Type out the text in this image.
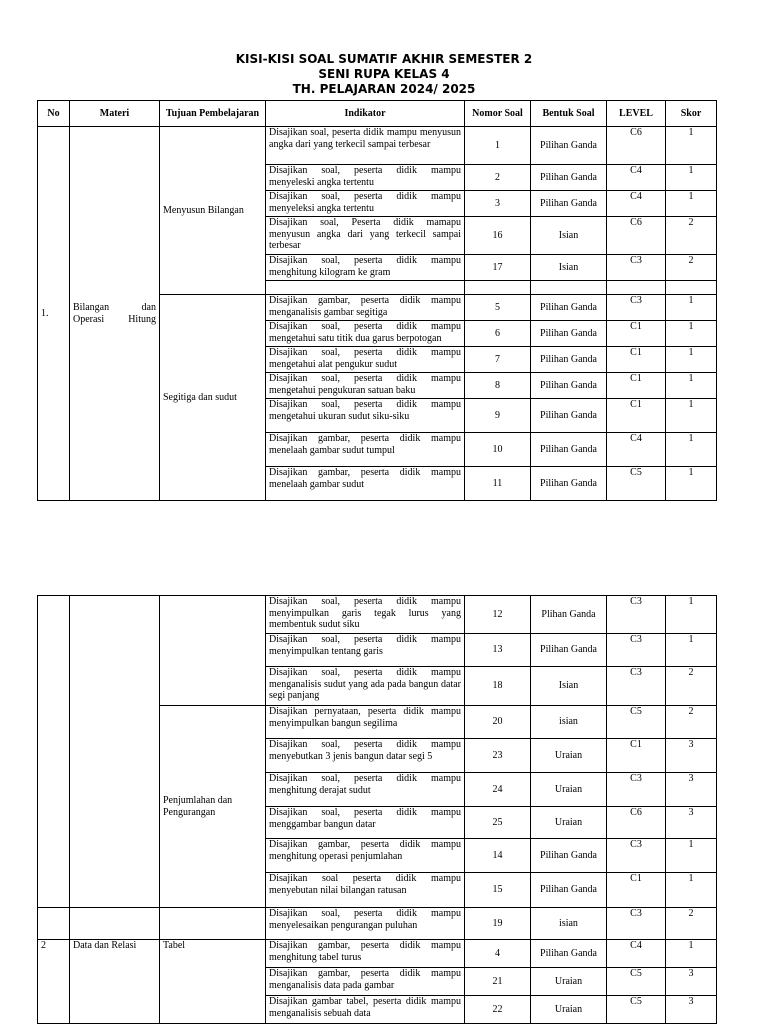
KISI-KISI SOAL SUMATIF AKHIR SEMESTER 2
SENI RUPA KELAS 4
TH. PELAJARAN 2024/ 2025
No	Materi	Tujuan Pembelajaran	Indikator	Nomor Soal	Bentuk Soal	LEVEL	Skor
1.	Bilangan dan Operasi Hitung	Menyusun Bilangan	Disajikan soal, peserta didik mampu menyusun angka dari yang terkecil sampai terbesar	1	Pilihan Ganda	C6	1
			Disajikan soal, peserta didik mampu menyeleski angka tertentu	2	Pilihan Ganda	C4	1
			Disajikan soal, peserta didik mampu menyeleksi angka tertentu	3	Pilihan Ganda	C4	1
			Disajikan soal, Peserta didik mamapu menyusun angka dari yang terkecil sampai terbesar	16	Isian	C6	2
			Disajikan soal, peserta didik mampu menghitung kilogram ke gram	17	Isian	C3	2

		Segitiga dan sudut	Disajikan gambar, peserta didik mampu menganalisis gambar segitiga	5	Pilihan Ganda	C3	1
			Disajikan soal, peserta didik mampu mengetahui satu titik dua garus berpotogan	6	Pilihan Ganda	C1	1
			Disajikan soal, peserta didik mampu mengetahui alat pengukur sudut	7	Pilihan Ganda	C1	1
			Disajikan soal, peserta didik mampu mengetahui pengukuran satuan baku	8	Pilihan Ganda	C1	1
			Disajikan soal, peserta didik mampu mengetahui ukuran sudut siku-siku	9	Pilihan Ganda	C1	1
			Disajikan gambar, peserta didik mampu menelaah gambar sudut tumpul	10	Pilihan Ganda	C4	1
			Disajikan gambar, peserta didik mampu menelaah gambar sudut	11	Pilihan Ganda	C5	1
			Disajikan soal, peserta didik mampu menyimpulkan garis tegak lurus yang membentuk sudut siku	12	Plihan Ganda	C3	1
			Disajikan soal, peserta didik mampu menyimpulkan tentang garis	13	Pilihan Ganda	C3	1
			Disajikan soal, peserta didik mampu menganalisis sudut yang ada pada bangun datar segi panjang	18	Isian	C3	2
		Penjumlahan dan Pengurangan	Disajikan pernyataan, peserta didik mampu menyimpulkan bangun segilima	20	isian	C5	2
			Disajikan soal, peserta didik mampu menyebutkan 3 jenis bangun datar segi 5	23	Uraian	C1	3
			Disajikan soal, peserta didik mampu menghitung derajat sudut	24	Uraian	C3	3
			Disajikan soal, peserta didik mampu menggambar bangun datar	25	Uraian	C6	3
			Disajikan gambar, peserta didik mampu menghitung operasi penjumlahan	14	Pilihan Ganda	C3	1
			Disajikan soal peserta didik mampu menyebutan nilai bilangan ratusan	15	Pilihan Ganda	C1	1
			Disajikan soal, peserta didik mampu menyelesaikan pengurangan puluhan	19	isian	C3	2
2	Data dan Relasi	Tabel	Disajikan gambar, peserta didik mampu menghitung tabel turus	4	Pilihan Ganda	C4	1
			Disajikan gambar, peserta didik mampu menganalisis data pada gambar	21	Uraian	C5	3
			Disajikan gambar tabel, peserta didik mampu menganalisis sebuah data	22	Uraian	C5	3
